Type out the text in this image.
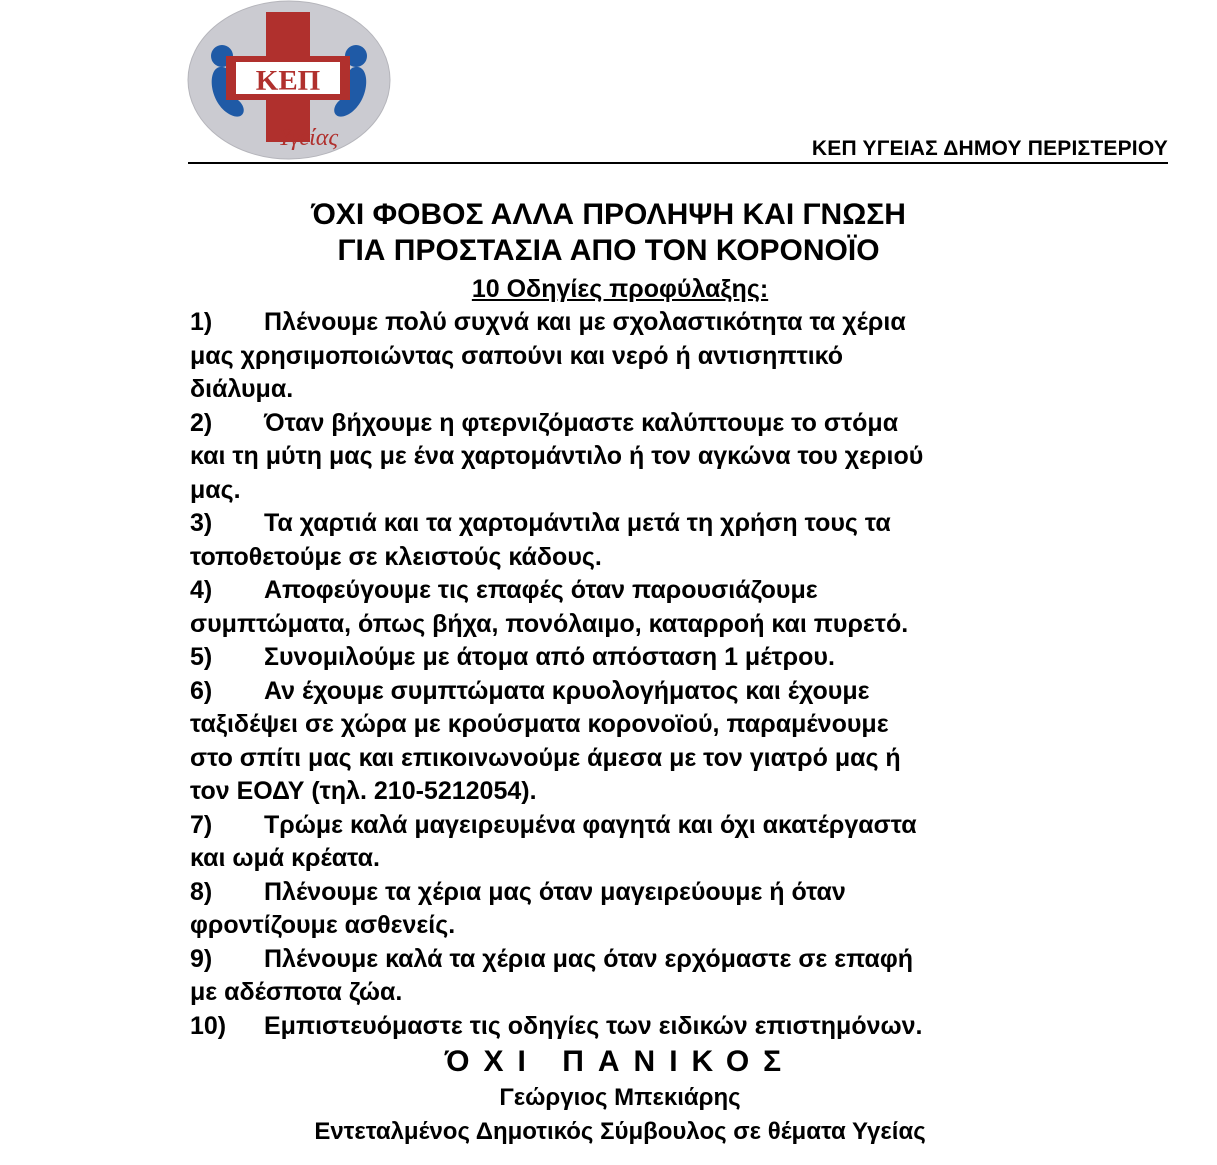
ΚΕΠ
Υγείας	ΚΕΠ ΥΓΕΙΑΣ ΔΗΜΟΥ ΠΕΡΙΣΤΕΡΙΟΥ
ΌΧΙ ΦΟΒΟΣ ΑΛΛΑ ΠΡΟΛΗΨΗ ΚΑΙ ΓΝΩΣΗ
ΓΙΑ ΠΡΟΣΤΑΣΙΑ ΑΠΟ ΤΟΝ ΚΟΡΟΝΟΪΟ
10 Οδηγίες προφύλαξης:
1) Πλένουμε πολύ συχνά και με σχολαστικότητα τα χέρια
μας χρησιμοποιώντας σαπούνι και νερό ή αντισηπτικό
διάλυμα.
2) Όταν βήχουμε η φτερνιζόμαστε καλύπτουμε το στόμα
και τη μύτη μας με ένα χαρτομάντιλο ή τον αγκώνα του χεριού
μας.
3) Τα χαρτιά και τα χαρτομάντιλα μετά τη χρήση τους τα
τοποθετούμε σε κλειστούς κάδους.
4) Αποφεύγουμε τις επαφές όταν παρουσιάζουμε
συμπτώματα, όπως βήχα, πονόλαιμο, καταρροή και πυρετό.
5) Συνομιλούμε με άτομα από απόσταση 1 μέτρου.
6) Αν έχουμε συμπτώματα κρυολογήματος και έχουμε
ταξιδέψει σε χώρα με κρούσματα κορονοϊού, παραμένουμε
στο σπίτι μας και επικοινωνούμε άμεσα με τον γιατρό μας ή
τον ΕΟΔΥ (τηλ. 210-5212054).
7) Τρώμε καλά μαγειρευμένα φαγητά και όχι ακατέργαστα
και ωμά κρέατα.
8) Πλένουμε τα χέρια μας όταν μαγειρεύουμε ή όταν
φροντίζουμε ασθενείς.
9) Πλένουμε καλά τα χέρια μας όταν ερχόμαστε σε επαφή
με αδέσποτα ζώα.
10) Εμπιστευόμαστε τις οδηγίες των ειδικών επιστημόνων.
ΌΧΙ ΠΑΝΙΚΟΣ
Γεώργιος Μπεκιάρης
Εντεταλμένος Δημοτικός Σύμβουλος σε θέματα Υγείας
